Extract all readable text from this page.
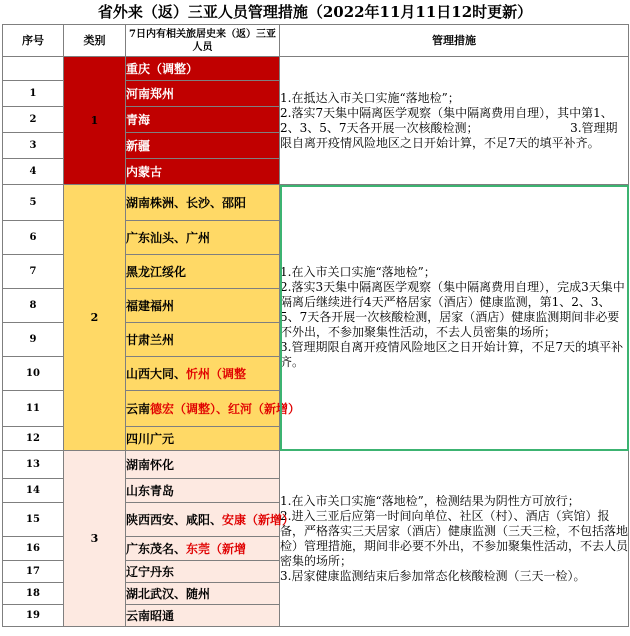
省外来（返）三亚人员管理措施（2022年11月11日12时更新）
序号	类别	7日内有相关旅居史来（返）三亚人员	管理措施
	1	重庆（调整）	1.在抵达入市关口实施“落地检”；
2.落实7天集中隔离医学观察（集中隔离费用自理），其中第1、2、3、5、7天各开展一次核酸检测；                        3.管理期限自离开疫情风险地区之日开始计算，不足7天的填平补齐。
1		河南郑州	
2		青海	
3		新疆	
4		内蒙古	
5	2	湖南株洲、长沙、邵阳	1.在入市关口实施“落地检”；
2.落实3天集中隔离医学观察（集中隔离费用自理），完成3天集中隔离后继续进行4天严格居家（酒店）健康监测，第1、2、3、5、7天各开展一次核酸检测，居家（酒店）健康监测期间非必要不外出，不参加聚集性活动，不去人员密集的场所；
3.管理期限自离开疫情风险地区之日开始计算，不足7天的填平补齐。
6		广东汕头、广州	
7		黑龙江绥化	
8		福建福州	
9		甘肃兰州	
10		山西大同、忻州（调整	
11		云南德宏（调整）、红河（新增）	
12		四川广元	
13	3	湖南怀化	1.在入市关口实施“落地检”，检测结果为阴性方可放行；
2.进入三亚后应第一时间向单位、社区（村）、酒店（宾馆）报备，严格落实三天居家（酒店）健康监测（三天三检，不包括落地检）管理措施，期间非必要不外出，不参加聚集性活动，不去人员密集的场所；
3.居家健康监测结束后参加常态化核酸检测（三天一检）。
14		山东青岛	
15		陕西西安、咸阳、安康（新增）	
16		广东茂名、东莞（新增	
17		辽宁丹东	
18		湖北武汉、随州	
19		云南昭通	
